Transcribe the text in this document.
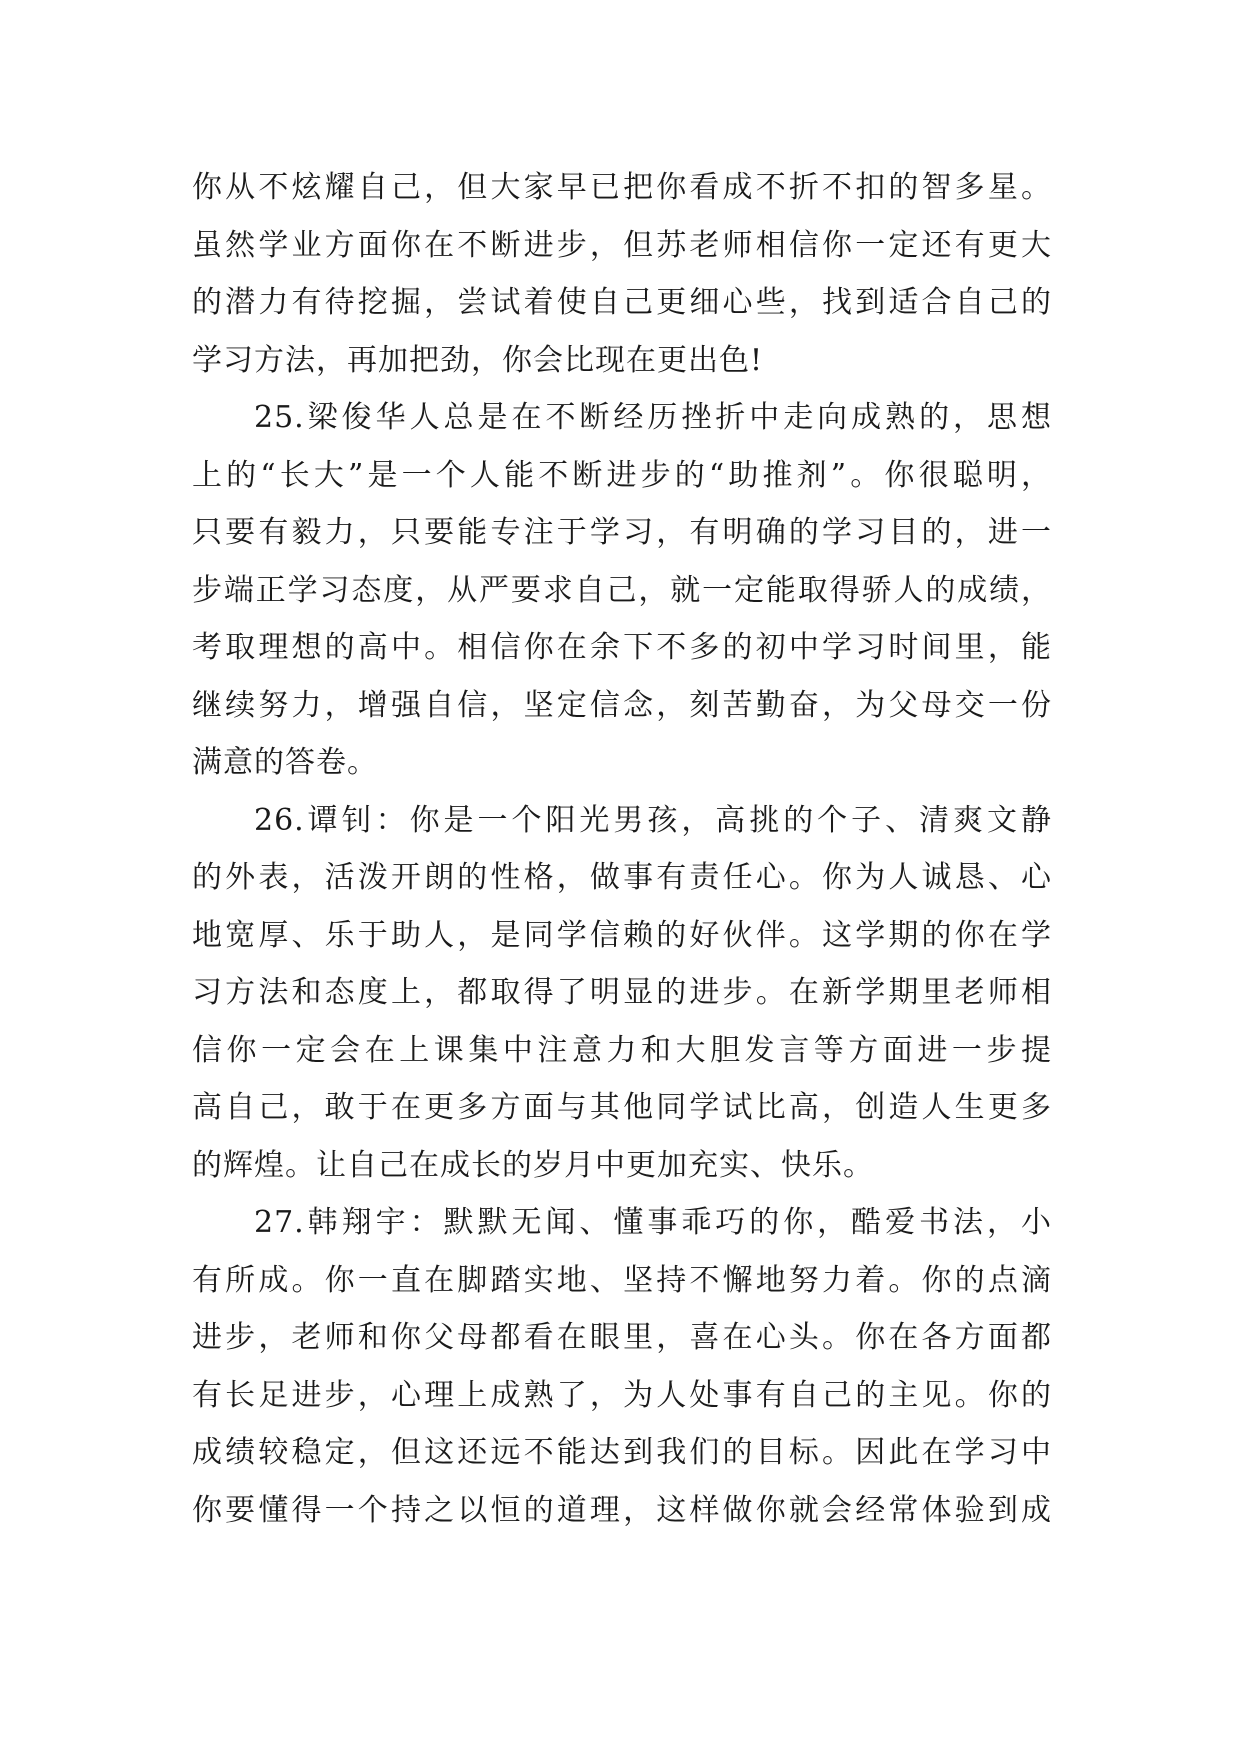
你从不炫耀自己，但大家早已把你看成不折不扣的智多星。
虽然学业方面你在不断进步，但苏老师相信你一定还有更大
的潜力有待挖掘，尝试着使自己更细心些，找到适合自己的
学习方法，再加把劲，你会比现在更出色!
25.梁俊华人总是在不断经历挫折中走向成熟的，思想
上的“长大”是一个人能不断进步的“助推剂”。你很聪明，
只要有毅力，只要能专注于学习，有明确的学习目的，进一
步端正学习态度，从严要求自己，就一定能取得骄人的成绩，
考取理想的高中。相信你在余下不多的初中学习时间里，能
继续努力，增强自信，坚定信念，刻苦勤奋，为父母交一份
满意的答卷。
26.谭钊：你是一个阳光男孩，高挑的个子、清爽文静
的外表，活泼开朗的性格，做事有责任心。你为人诚恳、心
地宽厚、乐于助人，是同学信赖的好伙伴。这学期的你在学
习方法和态度上，都取得了明显的进步。在新学期里老师相
信你一定会在上课集中注意力和大胆发言等方面进一步提
高自己，敢于在更多方面与其他同学试比高，创造人生更多
的辉煌。让自己在成长的岁月中更加充实、快乐。
27.韩翔宇：默默无闻、懂事乖巧的你，酷爱书法，小
有所成。你一直在脚踏实地、坚持不懈地努力着。你的点滴
进步，老师和你父母都看在眼里，喜在心头。你在各方面都
有长足进步，心理上成熟了，为人处事有自己的主见。你的
成绩较稳定，但这还远不能达到我们的目标。因此在学习中
你要懂得一个持之以恒的道理，这样做你就会经常体验到成
